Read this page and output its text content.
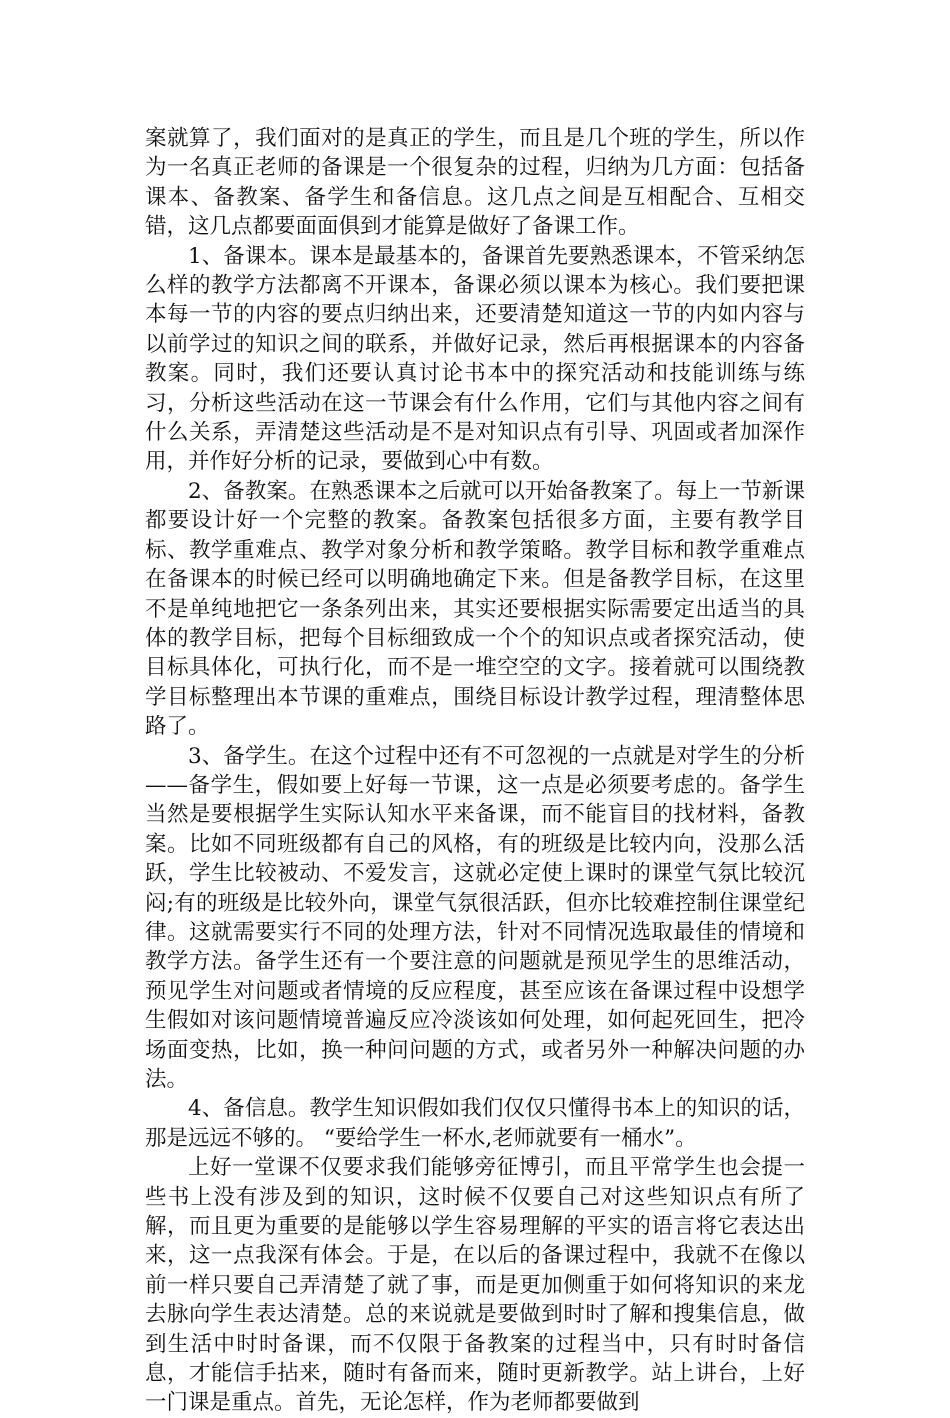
案就算了，我们面对的是真正的学生，而且是几个班的学生，所以作为一名真正老师的备课是一个很复杂的过程，归纳为几方面：包括备课本、备教案、备学生和备信息。这几点之间是互相配合、互相交错，这几点都要面面俱到才能算是做好了备课工作。

1、备课本。课本是最基本的，备课首先要熟悉课本，不管采纳怎么样的教学方法都离不开课本，备课必须以课本为核心。我们要把课本每一节的内容的要点归纳出来，还要清楚知道这一节的内如内容与以前学过的知识之间的联系，并做好记录，然后再根据课本的内容备教案。同时，我们还要认真讨论书本中的探究活动和技能训练与练习，分析这些活动在这一节课会有什么作用，它们与其他内容之间有什么关系，弄清楚这些活动是不是对知识点有引导、巩固或者加深作用，并作好分析的记录，要做到心中有数。

2、备教案。在熟悉课本之后就可以开始备教案了。每上一节新课都要设计好一个完整的教案。备教案包括很多方面，主要有教学目标、教学重难点、教学对象分析和教学策略。教学目标和教学重难点在备课本的时候已经可以明确地确定下来。但是备教学目标，在这里不是单纯地把它一条条列出来，其实还要根据实际需要定出适当的具体的教学目标，把每个目标细致成一个个的知识点或者探究活动，使目标具体化，可执行化，而不是一堆空空的文字。接着就可以围绕教学目标整理出本节课的重难点，围绕目标设计教学过程，理清整体思路了。

3、备学生。在这个过程中还有不可忽视的一点就是对学生的分析——备学生，假如要上好每一节课，这一点是必须要考虑的。备学生当然是要根据学生实际认知水平来备课，而不能盲目的找材料，备教案。比如不同班级都有自己的风格，有的班级是比较内向，没那么活跃，学生比较被动、不爱发言，这就必定使上课时的课堂气氛比较沉闷;有的班级是比较外向，课堂气氛很活跃，但亦比较难控制住课堂纪律。这就需要实行不同的处理方法，针对不同情况选取最佳的情境和教学方法。备学生还有一个要注意的问题就是预见学生的思维活动，预见学生对问题或者情境的反应程度，甚至应该在备课过程中设想学生假如对该问题情境普遍反应冷淡该如何处理，如何起死回生，把冷场面变热，比如，换一种问问题的方式，或者另外一种解决问题的办法。

4、备信息。教学生知识假如我们仅仅只懂得书本上的知识的话，那是远远不够的。 “要给学生一杯水,老师就要有一桶水”。

上好一堂课不仅要求我们能够旁征博引，而且平常学生也会提一些书上没有涉及到的知识，这时候不仅要自己对这些知识点有所了解，而且更为重要的是能够以学生容易理解的平实的语言将它表达出来，这一点我深有体会。于是，在以后的备课过程中，我就不在像以前一样只要自己弄清楚了就了事，而是更加侧重于如何将知识的来龙去脉向学生表达清楚。总的来说就是要做到时时了解和搜集信息，做到生活中时时备课，而不仅限于备教案的过程当中，只有时时备信息，才能信手拈来，随时有备而来，随时更新教学。站上讲台，上好一门课是重点。首先，无论怎样，作为老师都要做到
